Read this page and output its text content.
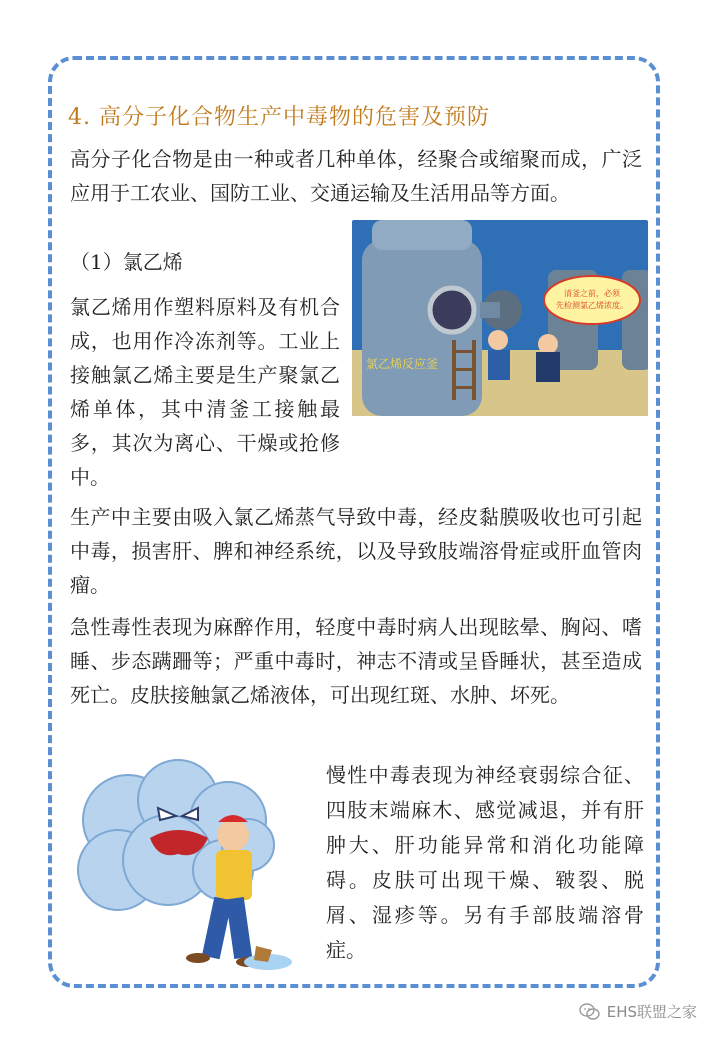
4. 高分子化合物生产中毒物的危害及预防

高分子化合物是由一种或者几种单体，经聚合或缩聚而成，广泛应用于工农业、国防工业、交通运输及生活用品等方面。

（1）氯乙烯

氯乙烯用作塑料原料及有机合成，也用作冷冻剂等。工业上接触氯乙烯主要是生产聚氯乙烯单体，其中清釜工接触最多，其次为离心、干燥或抢修中。

清釜之前，必须
先检测氯乙烯浓度。
氯乙烯反应釜

生产中主要由吸入氯乙烯蒸气导致中毒，经皮黏膜吸收也可引起中毒，损害肝、脾和神经系统，以及导致肢端溶骨症或肝血管肉瘤。

急性毒性表现为麻醉作用，轻度中毒时病人出现眩晕、胸闷、嗜睡、步态蹒跚等；严重中毒时，神志不清或呈昏睡状，甚至造成死亡。皮肤接触氯乙烯液体，可出现红斑、水肿、坏死。

慢性中毒表现为神经衰弱综合征、四肢末端麻木、感觉减退，并有肝肿大、肝功能异常和消化功能障碍。皮肤可出现干燥、皲裂、脱屑、湿疹等。另有手部肢端溶骨症。

EHS联盟之家
